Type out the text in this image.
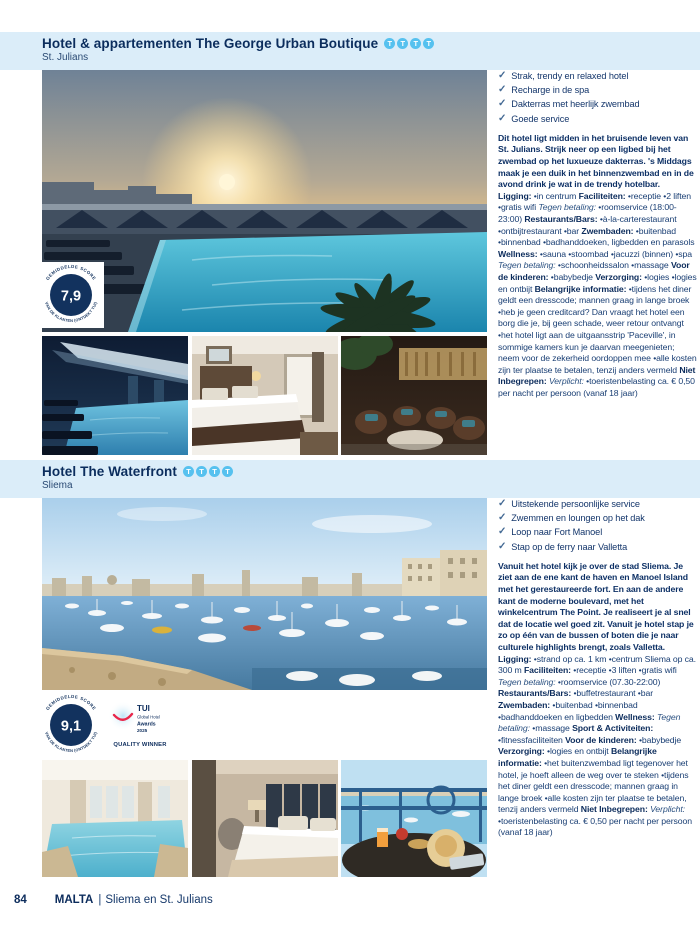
Hotel & appartementen The George Urban Boutique	T	T	T	T
St. Julians
7,9
GEMIDDELDE SCORE
VAN DE KLANTEN (ONTDEKT TUI)
✓ Strak, trendy en relaxed hotel
✓ Recharge in de spa
✓ Dakterras met heerlijk zwembad
✓ Goede service
Dit hotel ligt midden in het bruisende leven van St. Julians. Strijk neer op een ligbed bij het zwembad op het luxueuze dakterras. 's Middags maak je een duik in het binnenzwembad en in de avond drink je wat in de trendy hotelbar.
Ligging: •in centrum Faciliteiten: •receptie •2 liften •gratis wifi Tegen betaling: •roomservice (18:00-23:00) Restaurants/Bars: •à-la-carterestaurant •ontbijtrestaurant •bar Zwembaden: •buitenbad •binnenbad •badhanddoeken, ligbedden en parasols Wellness: •sauna •stoombad •jacuzzi (binnen) •spa Tegen betaling: •schoonheidssalon •massage Voor de kinderen: •babybedje Verzorging: •logies •logies en ontbijt Belangrijke informatie: •tijdens het diner geldt een dresscode; mannen graag in lange broek •heb je geen creditcard? Dan vraagt het hotel een borg die je, bij geen schade, weer retour ontvangt •het hotel ligt aan de uitgaansstrip 'Paceville', in sommige kamers kun je daarvan meegenieten; neem voor de zekerheid oordoppen mee •alle kosten zijn ter plaatse te betalen, tenzij anders vermeld Niet Inbegrepen: Verplicht: •toeristenbelasting ca. € 0,50 per nacht per persoon (vanaf 18 jaar)
Hotel The Waterfront	T	T	T	T
Sliema
9,1
GEMIDDELDE SCORE
VAN DE KLANTEN (ONTDEKT TUI)
TUI
Global Hotel
Awards
2025
QUALITY WINNER
✓ Uitstekende persoonlijke service
✓ Zwemmen en loungen op het dak
✓ Loop naar Fort Manoel
✓ Stap op de ferry naar Valletta
Vanuit het hotel kijk je over de stad Sliema. Je ziet aan de ene kant de haven en Manoel Island met het gerestaureerde fort. En aan de andere kant de moderne boulevard, met het winkelcentrum The Point. Je realiseert je al snel dat de locatie wel goed zit. Vanuit je hotel stap je zo op één van de bussen of boten die je naar culturele highlights brengt, zoals Valletta.
Ligging: •strand op ca. 1 km •centrum Sliema op ca. 300 m Faciliteiten: •receptie •3 liften •gratis wifi Tegen betaling: •roomservice (07.30-22:00) Restaurants/Bars: •buffetrestaurant •bar Zwembaden: •buitenbad •binnenbad •badhanddoeken en ligbedden Wellness: Tegen betaling: •massage Sport & Activiteiten: •fitnessfaciliteiten Voor de kinderen: •babybedje Verzorging: •logies en ontbijt Belangrijke informatie: •het buitenzwembad ligt tegenover het hotel, je hoeft alleen de weg over te steken •tijdens het diner geldt een dresscode; mannen graag in lange broek •alle kosten zijn ter plaatse te betalen, tenzij anders vermeld Niet Inbegrepen: Verplicht: •toeristenbelasting ca. € 0,50 per nacht per persoon (vanaf 18 jaar)
84 MALTA | Sliema en St. Julians
